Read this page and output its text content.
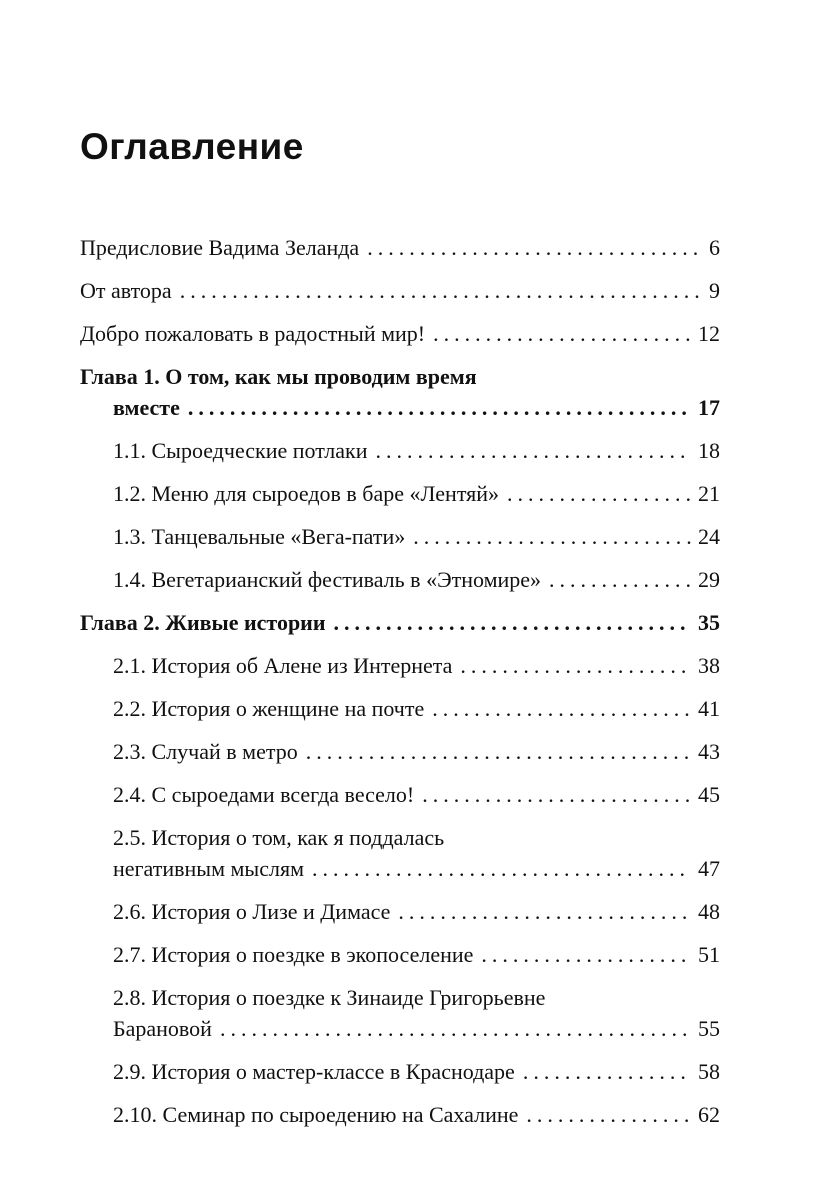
Оглавление
Предисловие Вадима Зеланда .....	6
От автора .....	9
Добро пожаловать в радостный мир! .....	12
Глава 1. О том, как мы проводим время
вместе .....	17
1.1. Сыроедческие потлаки .....	18
1.2. Меню для сыроедов в баре «Лентяй» .....	21
1.3. Танцевальные «Вега-пати» .....	24
1.4. Вегетарианский фестиваль в «Этномире» .....	29
Глава 2. Живые истории .....	35
2.1. История об Алене из Интернета .....	38
2.2. История о женщине на почте .....	41
2.3. Случай в метро .....	43
2.4. С сыроедами всегда весело! .....	45
2.5. История о том, как я поддалась
негативным мыслям .....	47
2.6. История о Лизе и Димасе .....	48
2.7. История о поездке в экопоселение .....	51
2.8. История о поездке к Зинаиде Григорьевне
Барановой .....	55
2.9. История о мастер-классе в Краснодаре .....	58
2.10. Семинар по сыроедению на Сахалине .....	62
